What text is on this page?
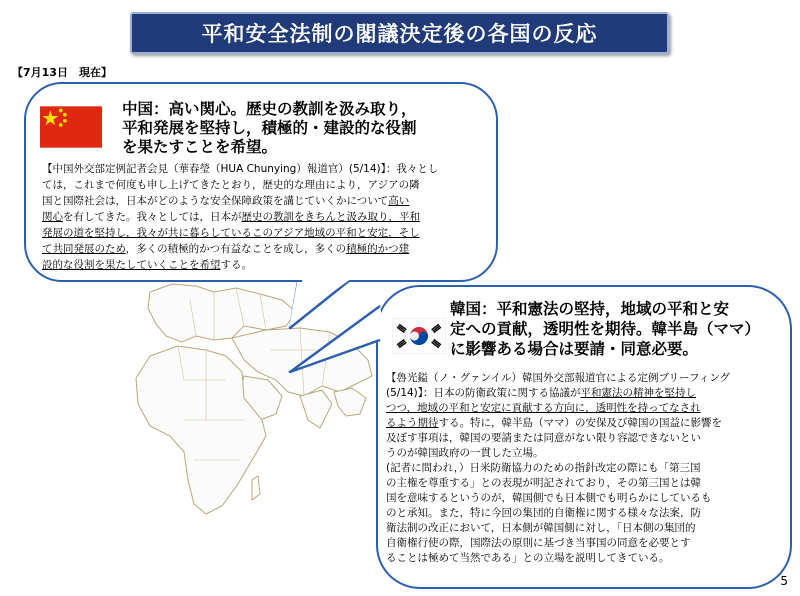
平和安全法制の閣議決定後の各国の反応
【7月13日　現在】
中国：高い関心。歴史の教訓を汲み取り，
平和発展を堅持し，積極的・建設的な役割
を果たすことを希望。
【中国外交部定例記者会見（華春瑩（HUA Chunying）報道官）(5/14)】：我々とし
ては，これまで何度も申し上げてきたとおり，歴史的な理由により，アジアの隣
国と国際社会は，日本がどのような安全保障政策を講じていくかについて高い
関心を有してきた。我々としては，日本が歴史の教訓をきちんと汲み取り，平和
発展の道を堅持し，我々が共に暮らしているこのアジア地域の平和と安定，そし
て共同発展のため，多くの積極的かつ有益なことを成し，多くの積極的かつ建
設的な役割を果たしていくことを希望する。
韓国：平和憲法の堅持，地域の平和と安
定への貢献，透明性を期待。韓半島（ママ）
に影響ある場合は要請・同意必要。
【魯光鎰（ノ・グァンイル）韓国外交部報道官による定例ブリーフィング
(5/14)】：日本の防衛政策に関する協議が平和憲法の精神を堅持し
つつ，地域の平和と安定に貢献する方向に，透明性を持ってなされ
るよう期待する。特に，韓半島（ママ）の安保及び韓国の国益に影響を
及ぼす事項は，韓国の要請または同意がない限り容認できないとい
うのが韓国政府の一貫した立場。
(記者に問われ，）日米防衛協力のための指針改定の際にも「第三国
の主権を尊重する」との表現が明記されており，その第三国とは韓
国を意味するというのが，韓国側でも日本側でも明らかにしているも
のと承知。また，特に今回の集団的自衛権に関する様々な法案，防
衛法制の改正において，日本側が韓国側に対し，「日本側の集団的
自衛権行使の際，国際法の原則に基づき当事国の同意を必要とす
ることは極めて当然である」との立場を説明してきている。
5
